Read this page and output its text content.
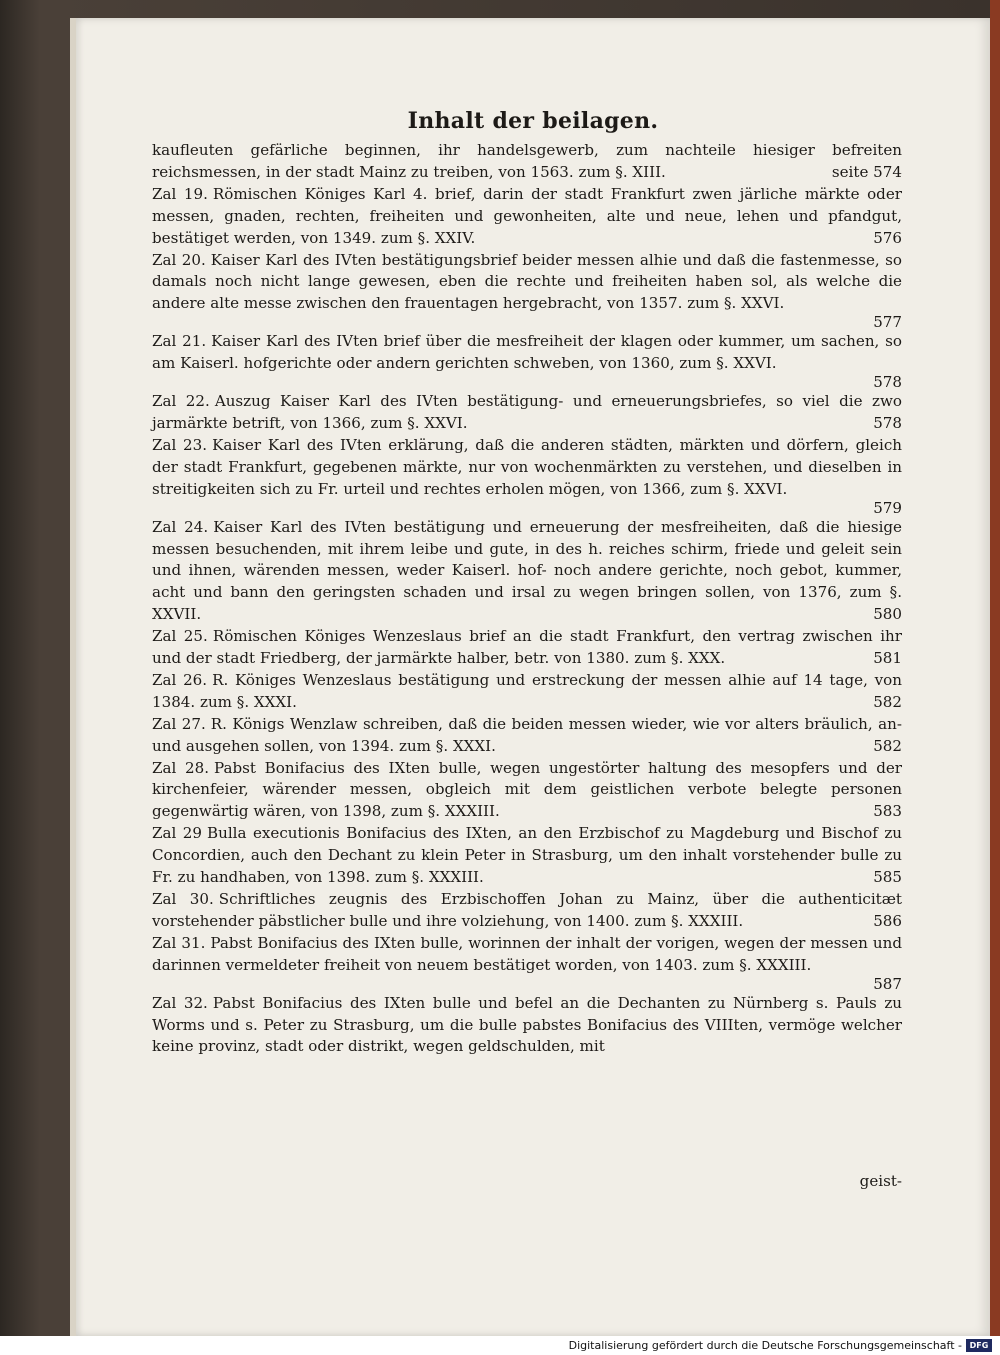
Inhalt der beilagen.

kaufleuten gefärliche beginnen, ihr handelsgewerb, zum nachteile hiesiger befreiten reichsmessen, in der stadt Mainz zu treiben, von 1563. zum §. XIII.	seite 574

Zal 19. Römischen Königes Karl 4. brief, darin der stadt Frankfurt zwen järliche märkte oder messen, gnaden, rechten, freiheiten und gewonheiten, alte und neue, lehen und pfandgut, bestätiget werden, von 1349. zum §. XXIV.	576

Zal 20. Kaiser Karl des IVten bestätigungsbrief beider messen alhie und daß die fastenmesse, so damals noch nicht lange gewesen, eben die rechte und freiheiten haben sol, als welche die andere alte messe zwischen den frauentagen hergebracht, von 1357. zum §. XXVI.

577

Zal 21. Kaiser Karl des IVten brief über die mesfreiheit der klagen oder kummer, um sachen, so am Kaiserl. hofgerichte oder andern gerichten schweben, von 1360, zum §. XXVI.

578

Zal 22. Auszug Kaiser Karl des IVten bestätigung- und erneuerungsbriefes, so viel die zwo jarmärkte betrift, von 1366, zum §. XXVI.	578

Zal 23. Kaiser Karl des IVten erklärung, daß die anderen städten, märkten und dörfern, gleich der stadt Frankfurt, gegebenen märkte, nur von wochenmärkten zu verstehen, und dieselben in streitigkeiten sich zu Fr. urteil und rechtes erholen mögen, von 1366, zum §. XXVI.

579

Zal 24. Kaiser Karl des IVten bestätigung und erneuerung der mesfreiheiten, daß die hiesige messen besuchenden, mit ihrem leibe und gute, in des h. reiches schirm, friede und geleit sein und ihnen, wärenden messen, weder Kaiserl. hof- noch andere gerichte, noch gebot, kummer, acht und bann den geringsten schaden und irsal zu wegen bringen sollen, von 1376, zum §. XXVII.	580

Zal 25. Römischen Königes Wenzeslaus brief an die stadt Frankfurt, den vertrag zwischen ihr und der stadt Friedberg, der jarmärkte halber, betr. von 1380. zum §. XXX.	581

Zal 26. R. Königes Wenzeslaus bestätigung und erstreckung der messen alhie auf 14 tage, von 1384. zum §. XXXI.	582

Zal 27. R. Königs Wenzlaw schreiben, daß die beiden messen wieder, wie vor alters bräulich, an- und ausgehen sollen, von 1394. zum §. XXXI.	582

Zal 28. Pabst Bonifacius des IXten bulle, wegen ungestörter haltung des mesopfers und der kirchenfeier, wärender messen, obgleich mit dem geistlichen verbote belegte personen gegenwärtig wären, von 1398, zum §. XXXIII.	583

Zal 29 Bulla executionis Bonifacius des IXten, an den Erzbischof zu Magdeburg und Bischof zu Concordien, auch den Dechant zu klein Peter in Strasburg, um den inhalt vorstehender bulle zu Fr. zu handhaben, von 1398. zum §. XXXIII.	585

Zal 30. Schriftliches zeugnis des Erzbischoffen Johan zu Mainz, über die authenticitæt vorstehender päbstlicher bulle und ihre volziehung, von 1400. zum §. XXXIII.	586

Zal 31. Pabst Bonifacius des IXten bulle, worinnen der inhalt der vorigen, wegen der messen und darinnen vermeldeter freiheit von neuem bestätiget worden, von 1403. zum §. XXXIII.

587

Zal 32. Pabst Bonifacius des IXten bulle und befel an die Dechanten zu Nürnberg s. Pauls zu Worms und s. Peter zu Strasburg, um die bulle pabstes Bonifacius des VIIIten, vermöge welcher keine provinz, stadt oder distrikt, wegen geldschulden, mit

geist-
Digitalisierung gefördert durch die Deutsche Forschungsgemeinschaft - DFG
